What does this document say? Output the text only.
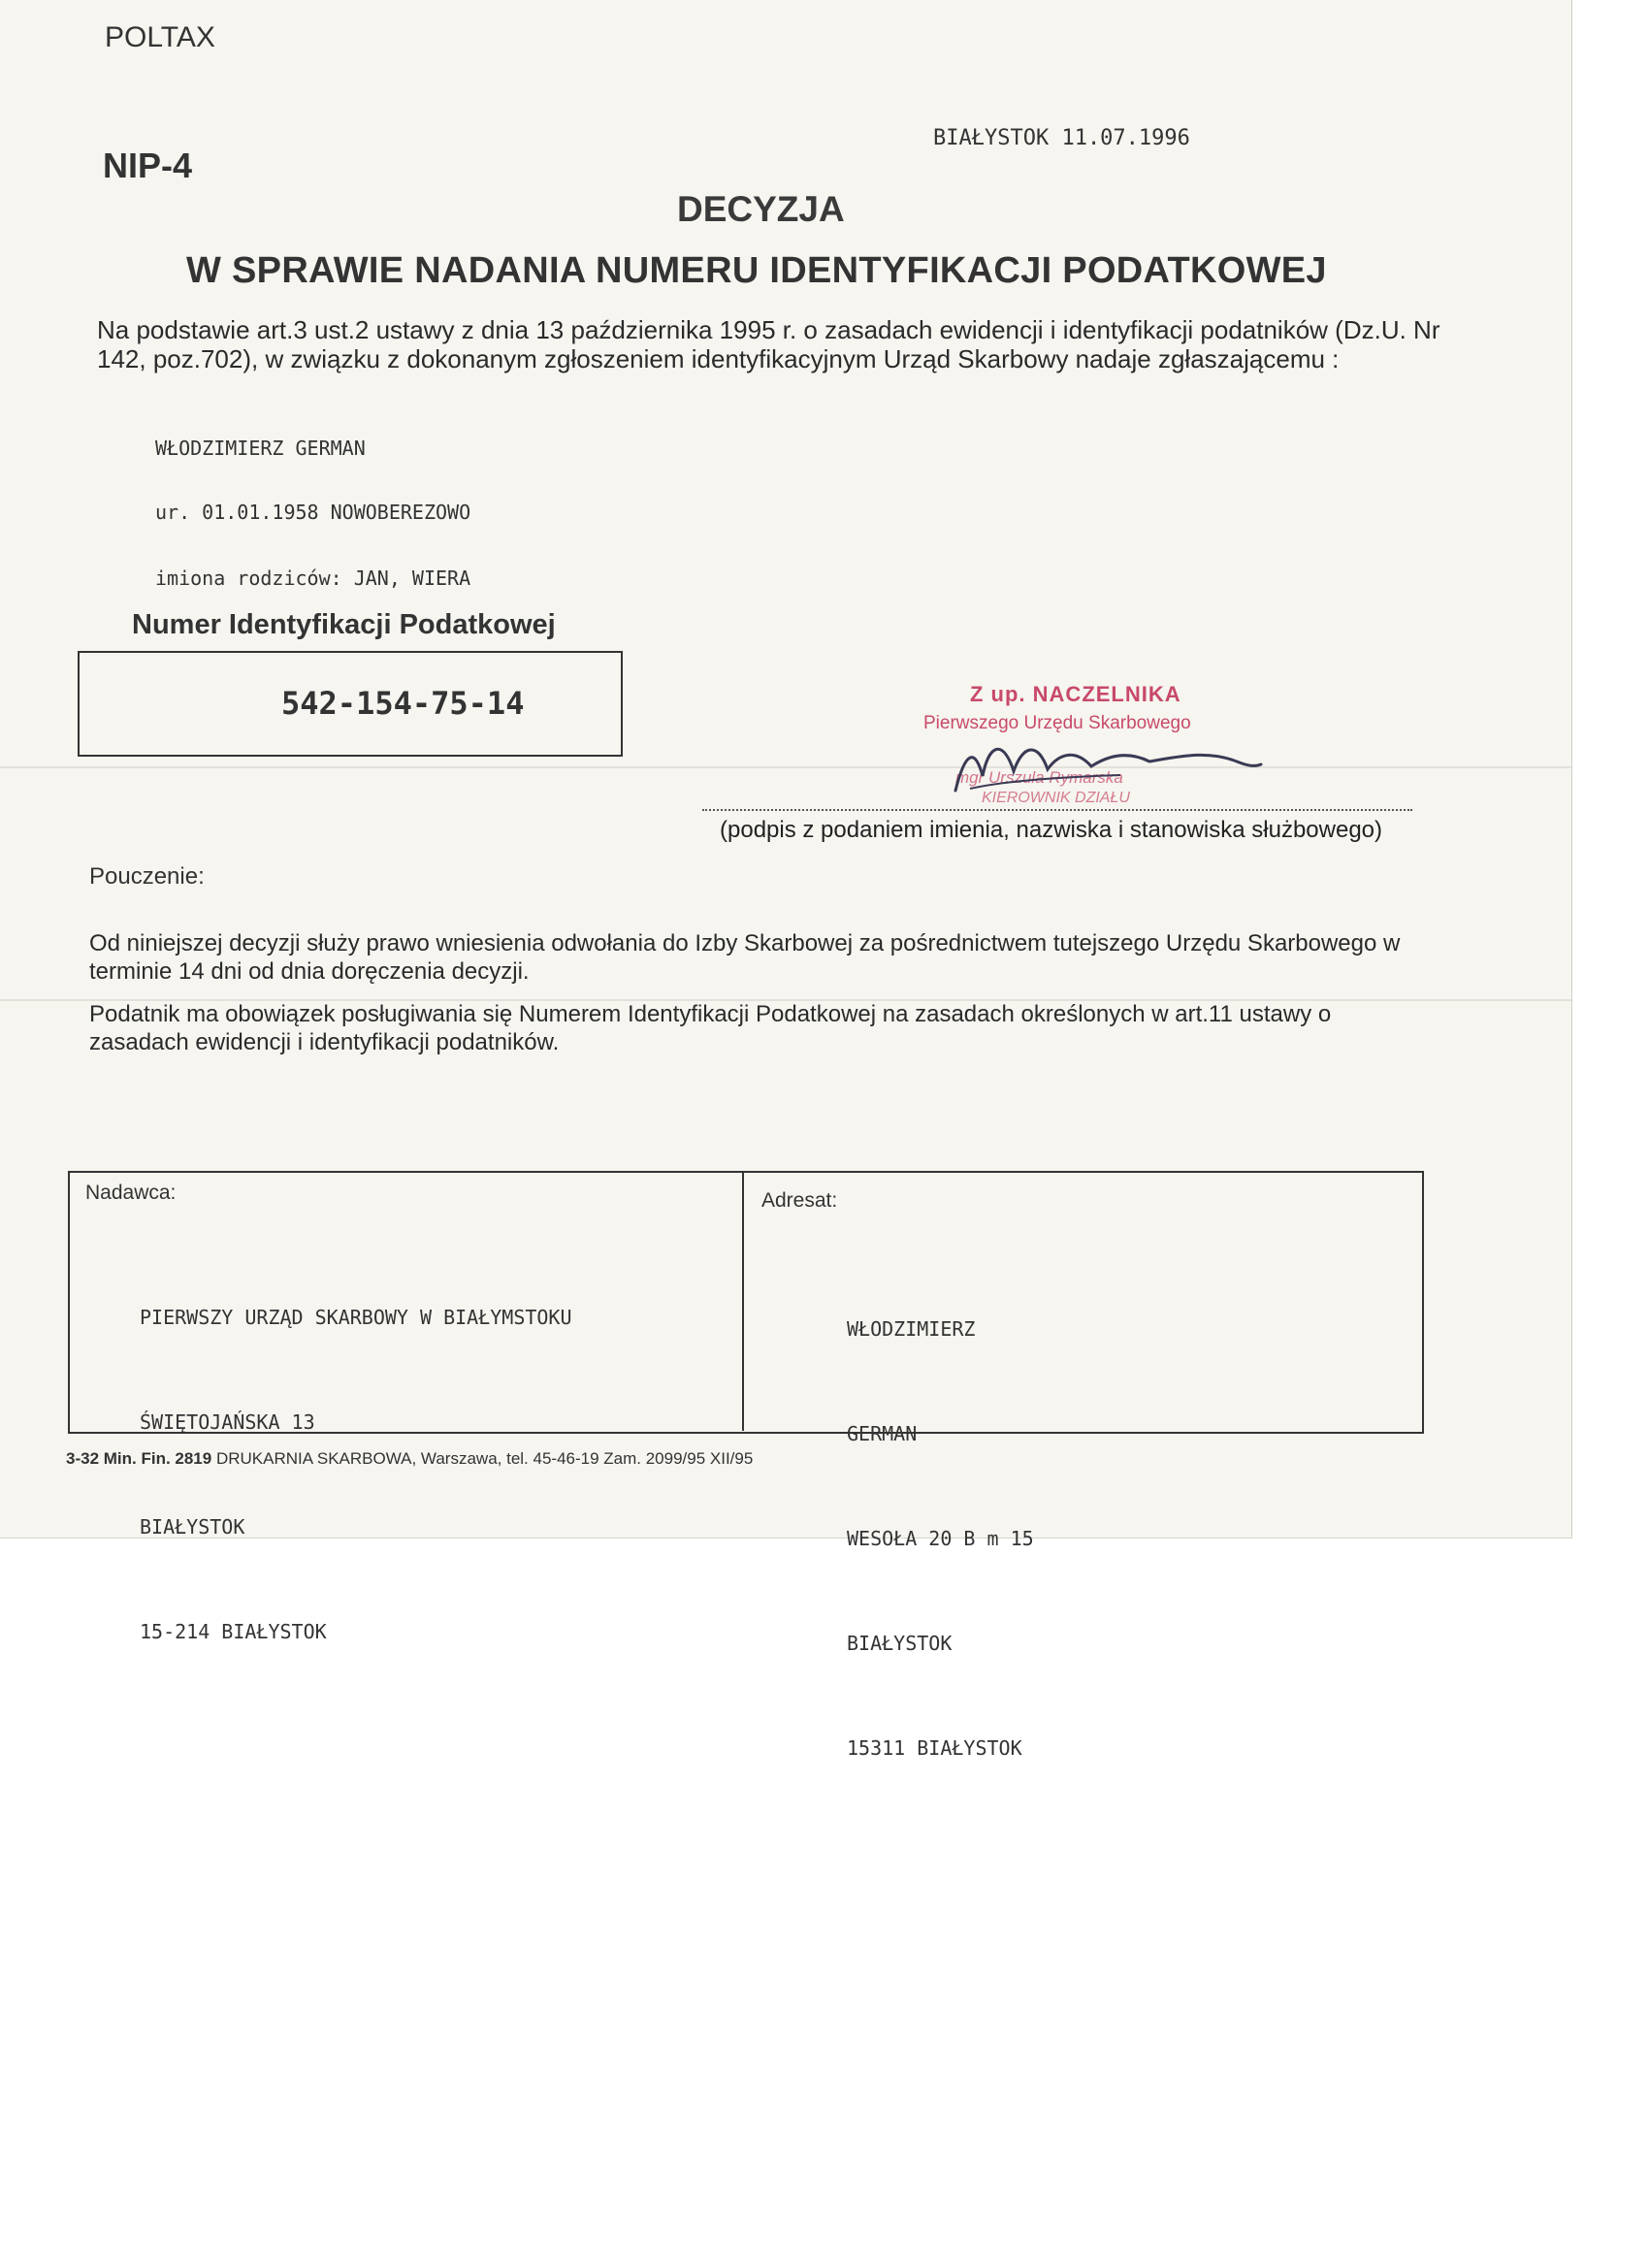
POLTAX
NIP-4
BIAŁYSTOK 11.07.1996
DECYZJA
W SPRAWIE NADANIA NUMERU IDENTYFIKACJI PODATKOWEJ
Na podstawie art.3 ust.2 ustawy z dnia 13 października 1995 r. o zasadach ewidencji i identyfikacji podatników (Dz.U. Nr 142, poz.702), w związku z dokonanym zgłoszeniem identyfikacyjnym Urząd Skarbowy nadaje zgłaszającemu :
WŁODZIMIERZ GERMAN
ur. 01.01.1958 NOWOBEREZOWO
imiona rodziców: JAN, WIERA
Numer Identyfikacji Podatkowej
542-154-75-14	Z up. NACZELNIKA
Pierwszego Urzędu Skarbowego
mgr Urszula Rymarska
KIEROWNIK DZIAŁU
(podpis z podaniem imienia, nazwiska i stanowiska służbowego)
Pouczenie:
Od niniejszej decyzji służy prawo wniesienia odwołania do Izby Skarbowej za pośrednictwem tutejszego Urzędu Skarbowego w terminie 14 dni od dnia doręczenia decyzji.
Podatnik ma obowiązek posługiwania się Numerem Identyfikacji Podatkowej na zasadach określonych w art.11 ustawy o zasadach ewidencji i identyfikacji podatników.
Nadawca:

PIERWSZY URZĄD SKARBOWY W BIAŁYMSTOKU

ŚWIĘTOJAŃSKA 13

BIAŁYSTOK

15-214 BIAŁYSTOK

Adresat:

WŁODZIMIERZ

GERMAN

WESOŁA 20 B m 15

BIAŁYSTOK

15311 BIAŁYSTOK

3-32 Min. Fin. 2819 DRUKARNIA SKARBOWA, Warszawa, tel. 45-46-19 Zam. 2099/95 XII/95
